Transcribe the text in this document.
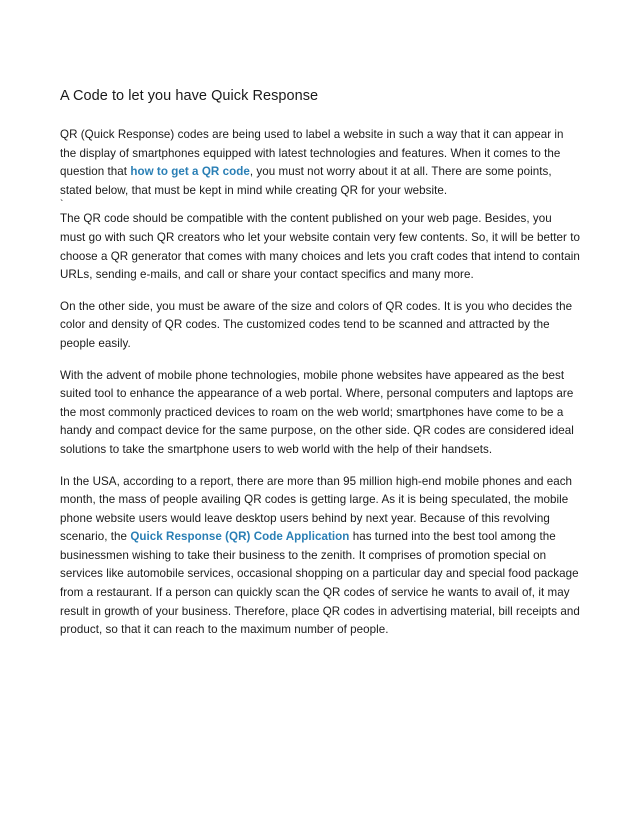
A Code to let you have Quick Response

QR (Quick Response) codes are being used to label a website in such a way that it can appear in the display of smartphones equipped with latest technologies and features. When it comes to the question that how to get a QR code, you must not worry about it at all. There are some points, stated below, that must be kept in mind while creating QR for your website.

`

The QR code should be compatible with the content published on your web page. Besides, you must go with such QR creators who let your website contain very few contents. So, it will be better to choose a QR generator that comes with many choices and lets you craft codes that intend to contain URLs, sending e-mails, and call or share your contact specifics and many more.

On the other side, you must be aware of the size and colors of QR codes. It is you who decides the color and density of QR codes. The customized codes tend to be scanned and attracted by the people easily.

With the advent of mobile phone technologies, mobile phone websites have appeared as the best suited tool to enhance the appearance of a web portal. Where, personal computers and laptops are the most commonly practiced devices to roam on the web world; smartphones have come to be a handy and compact device for the same purpose, on the other side. QR codes are considered ideal solutions to take the smartphone users to web world with the help of their handsets.

In the USA, according to a report, there are more than 95 million high-end mobile phones and each month, the mass of people availing QR codes is getting large. As it is being speculated, the mobile phone website users would leave desktop users behind by next year. Because of this revolving scenario, the Quick Response (QR) Code Application has turned into the best tool among the businessmen wishing to take their business to the zenith. It comprises of promotion special on services like automobile services, occasional shopping on a particular day and special food package from a restaurant. If a person can quickly scan the QR codes of service he wants to avail of, it may result in growth of your business. Therefore, place QR codes in advertising material, bill receipts and product, so that it can reach to the maximum number of people.
